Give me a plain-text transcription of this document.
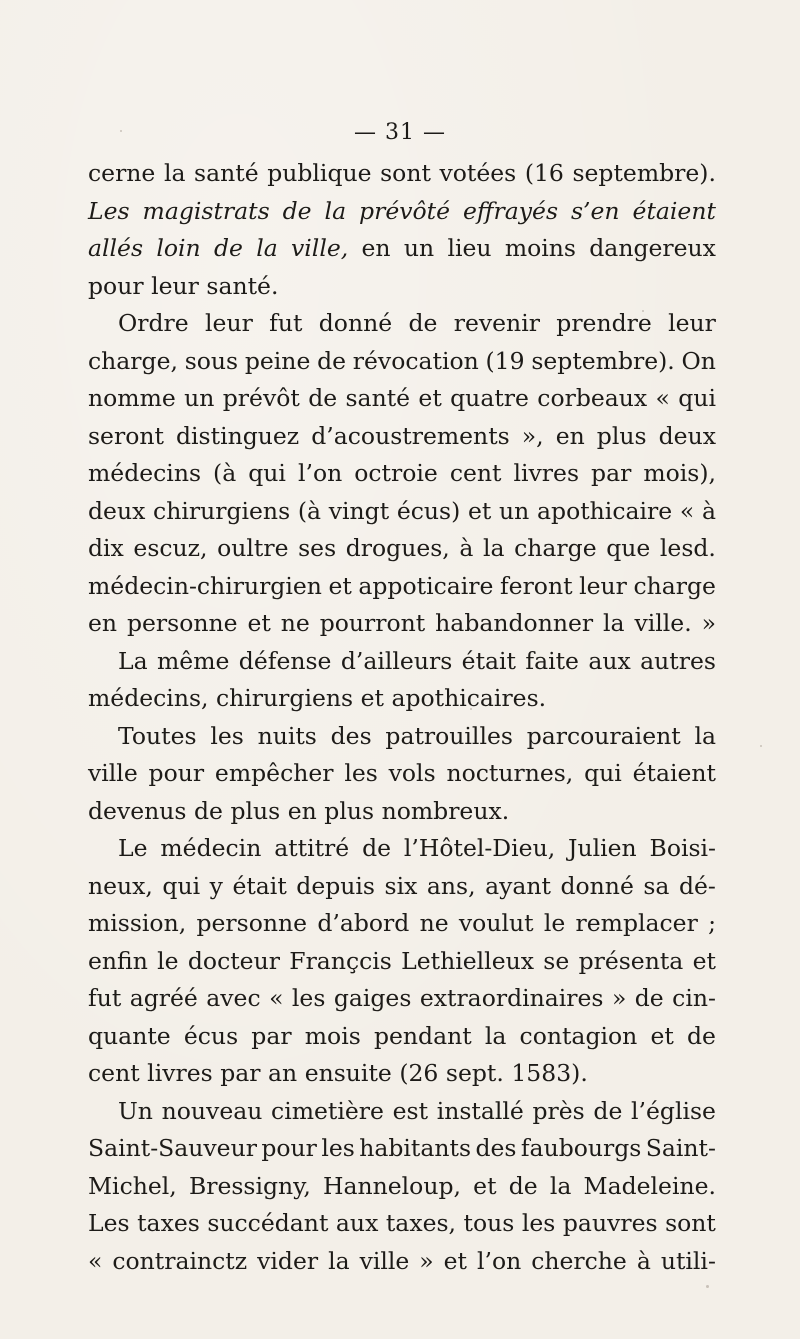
— 31 —
cerne la santé publique sont votées (16 septembre).
Les magistrats de la prévôté effrayés s’en étaient
allés loin de la ville, en un lieu moins dangereux
pour leur santé.
Ordre leur fut donné de revenir prendre leur
charge, sous peine de révocation (19 septembre). On
nomme un prévôt de santé et quatre corbeaux « qui
seront distinguez d’acoustrements », en plus deux
médecins (à qui l’on octroie cent livres par mois),
deux chirurgiens (à vingt écus) et un apothicaire « à
dix escuz, oultre ses drogues, à la charge que lesd.
médecin-chirurgien et appoticaire feront leur charge
en personne et ne pourront habandonner la ville. »
La même défense d’ailleurs était faite aux autres
médecins, chirurgiens et apothicaires.
Toutes les nuits des patrouilles parcouraient la
ville pour empêcher les vols nocturnes, qui étaient
devenus de plus en plus nombreux.
Le médecin attitré de l’Hôtel-Dieu, Julien Boisi-
neux, qui y était depuis six ans, ayant donné sa dé-
mission, personne d’abord ne voulut le remplacer ;
enfin le docteur Françcis Lethielleux se présenta et
fut agréé avec « les gaiges extraordinaires » de cin-
quante écus par mois pendant la contagion et de
cent livres par an ensuite (26 sept. 1583).
Un nouveau cimetière est installé près de l’église
Saint-Sauveur pour les habitants des faubourgs Saint-
Michel, Bressigny, Hanneloup, et de la Madeleine.
Les taxes succédant aux taxes, tous les pauvres sont
« contrainctz vider la ville » et l’on cherche à utili-
